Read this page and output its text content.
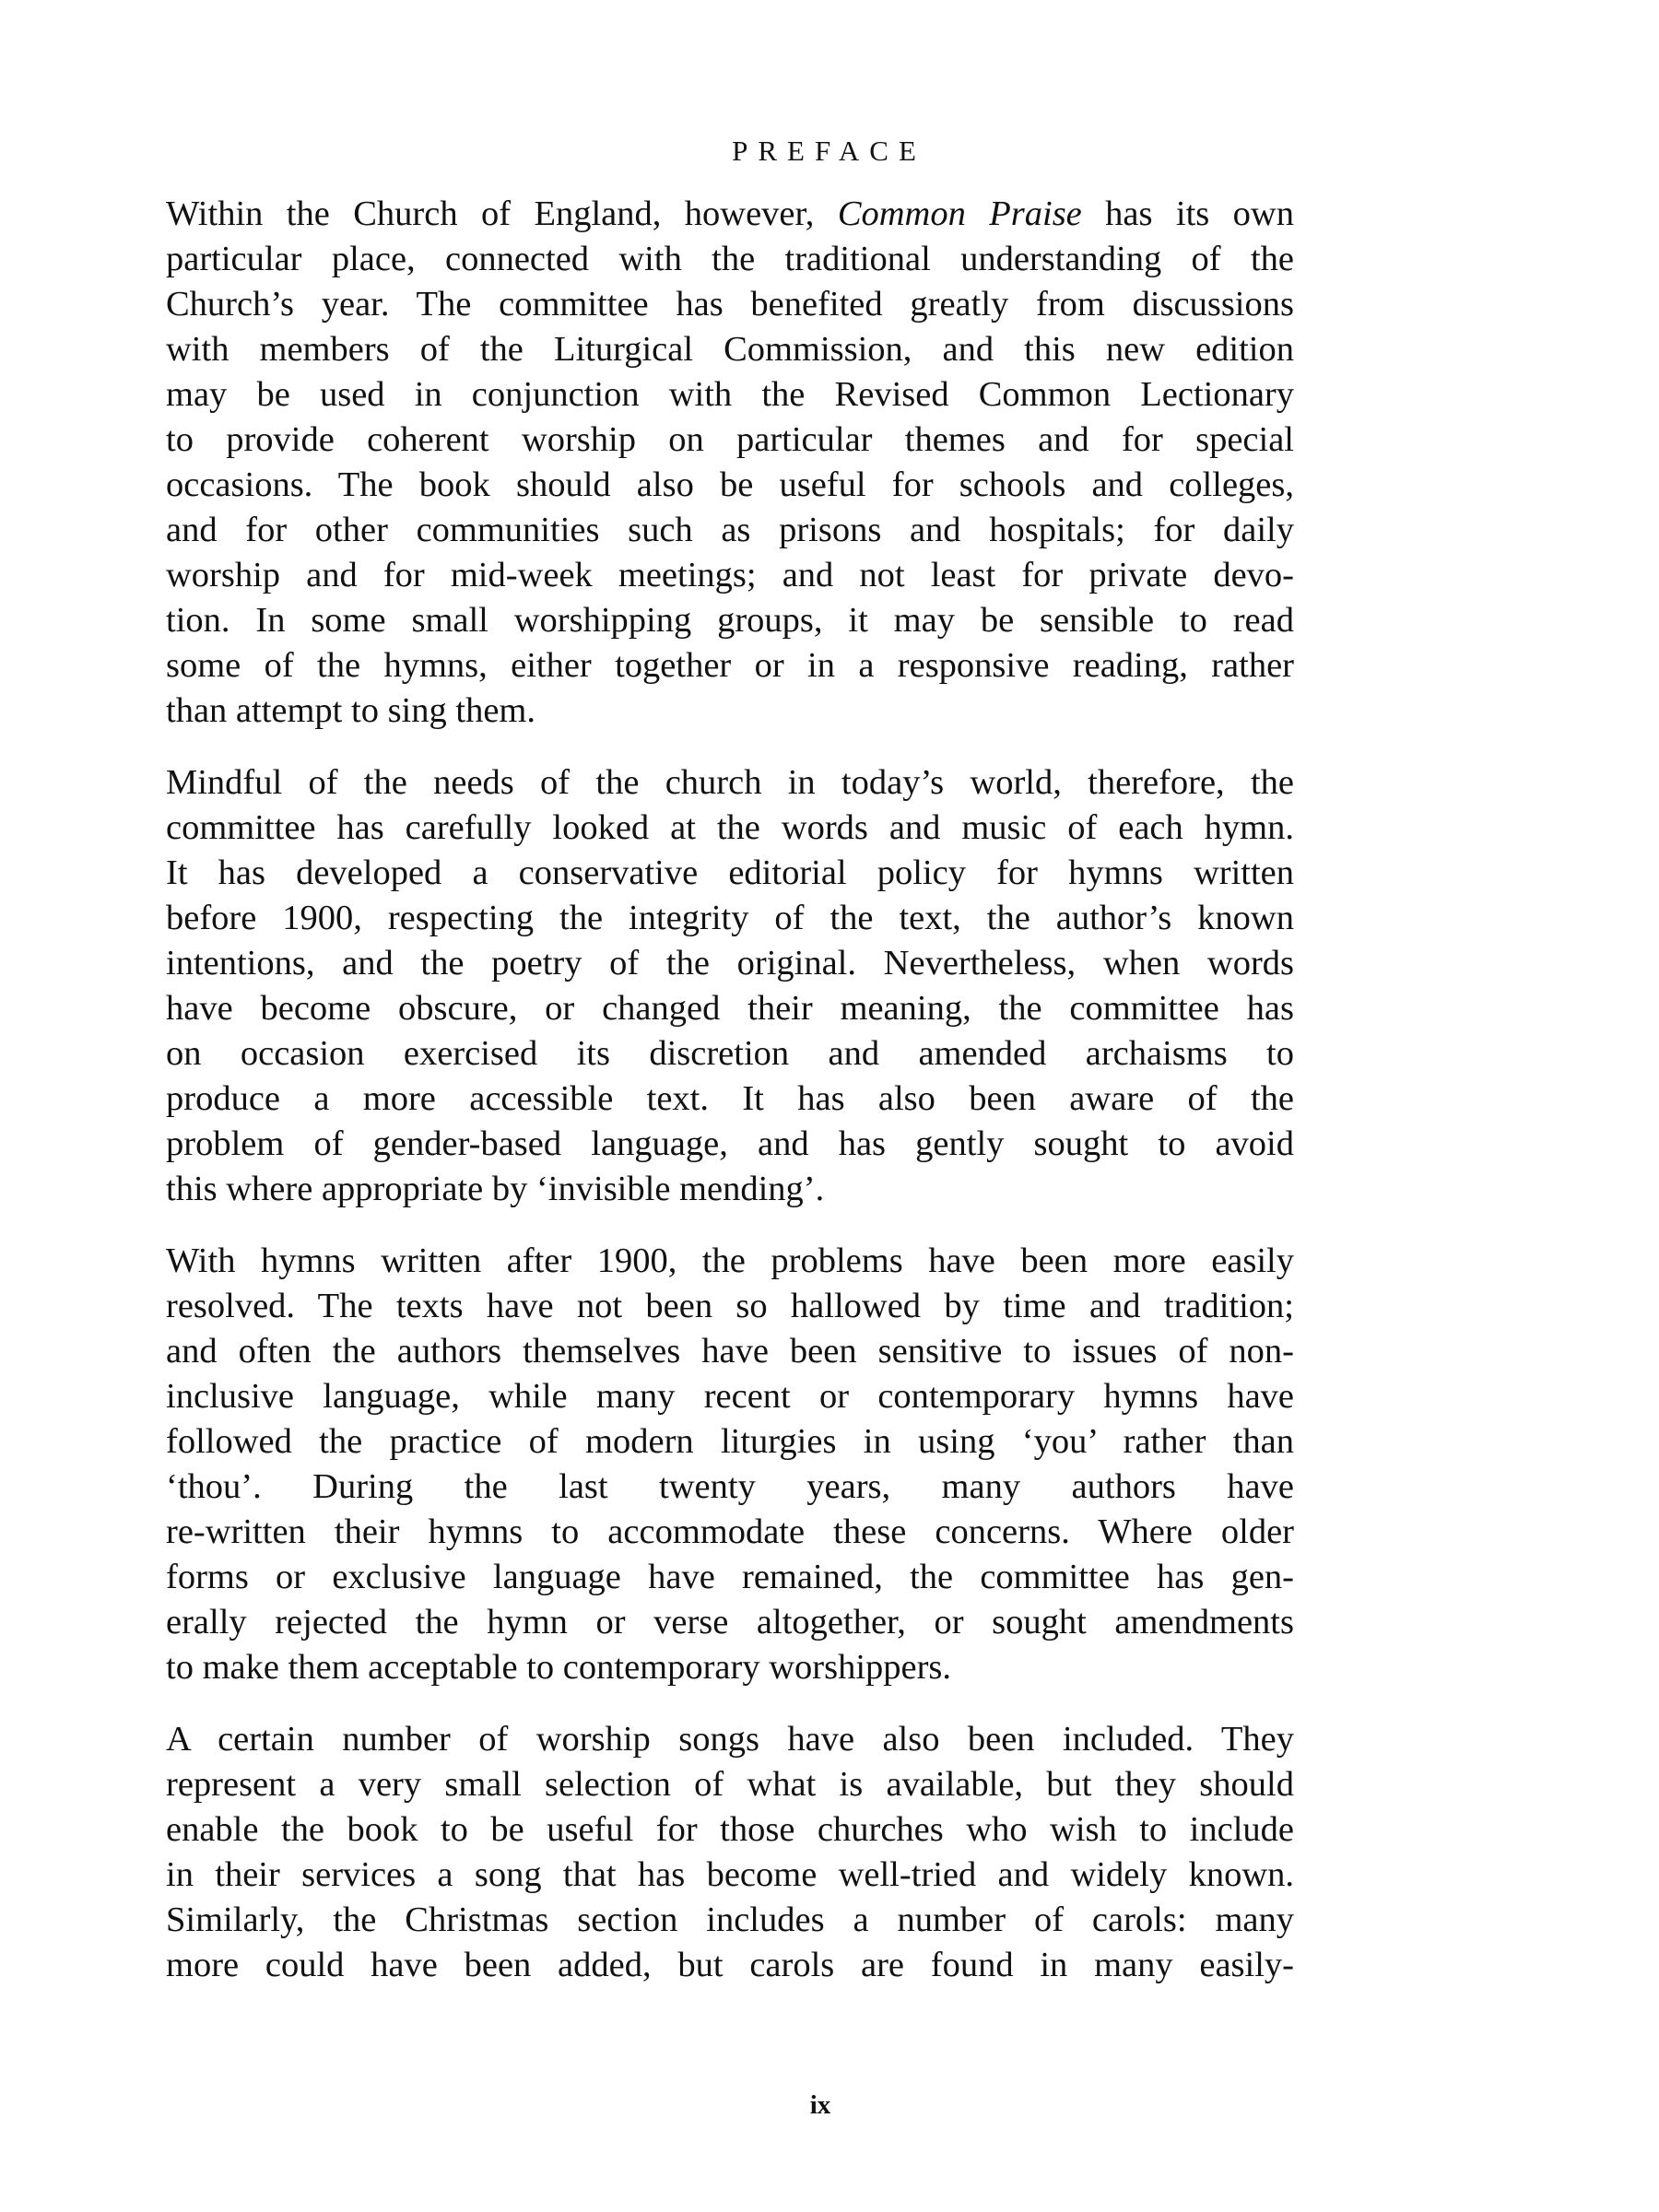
PREFACE
Within the Church of England, however, Common Praise has its own
particular place, connected with the traditional understanding of the
Church’s year. The committee has benefited greatly from discussions
with members of the Liturgical Commission, and this new edition
may be used in conjunction with the Revised Common Lectionary
to provide coherent worship on particular themes and for special
occasions. The book should also be useful for schools and colleges,
and for other communities such as prisons and hospitals; for daily
worship and for mid-week meetings; and not least for private devo-
tion. In some small worshipping groups, it may be sensible to read
some of the hymns, either together or in a responsive reading, rather
than attempt to sing them.
Mindful of the needs of the church in today’s world, therefore, the
committee has carefully looked at the words and music of each hymn.
It has developed a conservative editorial policy for hymns written
before 1900, respecting the integrity of the text, the author’s known
intentions, and the poetry of the original. Nevertheless, when words
have become obscure, or changed their meaning, the committee has
on occasion exercised its discretion and amended archaisms to
produce a more accessible text. It has also been aware of the
problem of gender-based language, and has gently sought to avoid
this where appropriate by ‘invisible mending’.
With hymns written after 1900, the problems have been more easily
resolved. The texts have not been so hallowed by time and tradition;
and often the authors themselves have been sensitive to issues of non-
inclusive language, while many recent or contemporary hymns have
followed the practice of modern liturgies in using ‘you’ rather than
‘thou’. During the last twenty years, many authors have
re-written their hymns to accommodate these concerns. Where older
forms or exclusive language have remained, the committee has gen-
erally rejected the hymn or verse altogether, or sought amendments
to make them acceptable to contemporary worshippers.
A certain number of worship songs have also been included. They
represent a very small selection of what is available, but they should
enable the book to be useful for those churches who wish to include
in their services a song that has become well-tried and widely known.
Similarly, the Christmas section includes a number of carols: many
more could have been added, but carols are found in many easily-
ix
